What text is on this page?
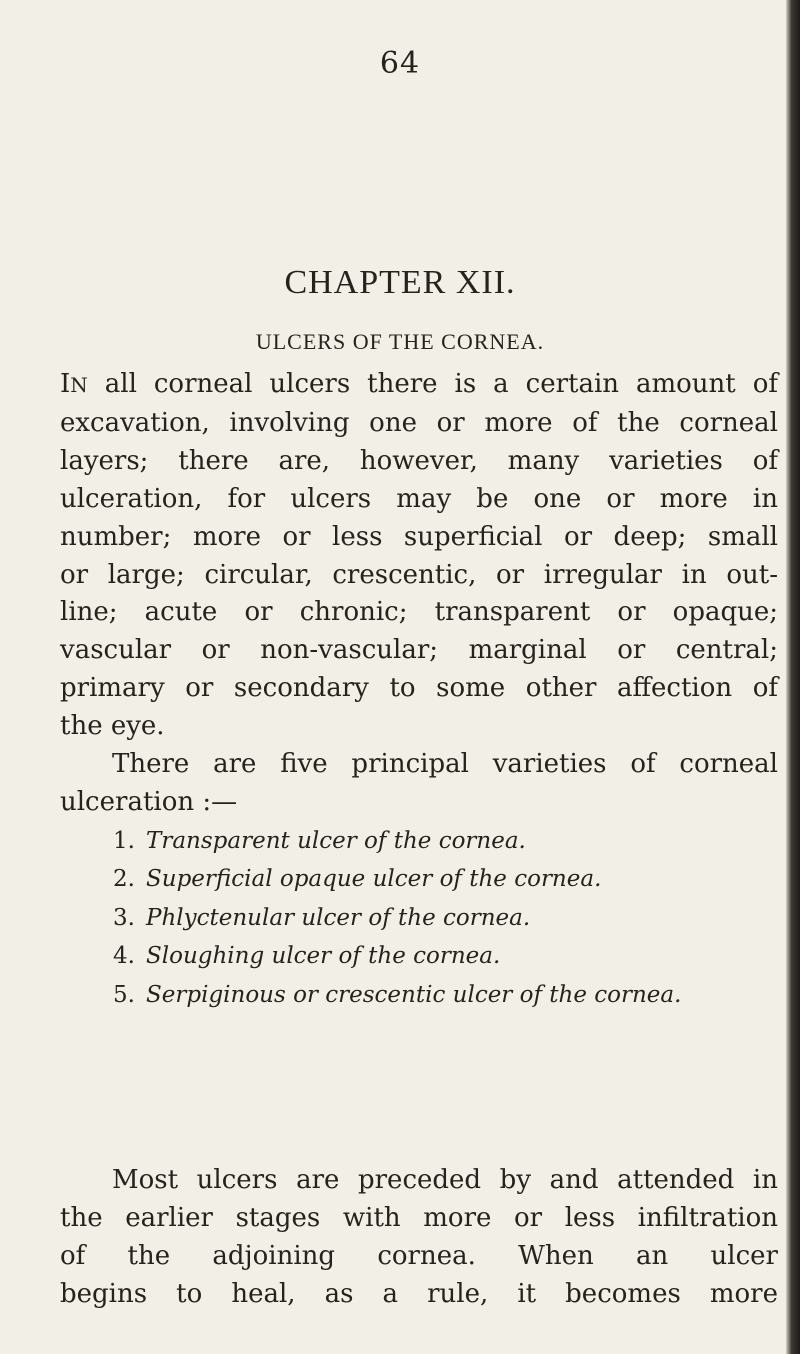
64
CHAPTER XII.
ULCERS OF THE CORNEA.
IN all corneal ulcers there is a certain amount of
excavation, involving one or more of the corneal
layers; there are, however, many varieties of
ulceration, for ulcers may be one or more in
number; more or less superficial or deep; small
or large; circular, crescentic, or irregular in out-
line; acute or chronic; transparent or opaque;
vascular or non-vascular; marginal or central;
primary or secondary to some other affection of
the eye.
There are five principal varieties of corneal
ulceration :—
1. Transparent ulcer of the cornea.
2. Superficial opaque ulcer of the cornea.
3. Phlyctenular ulcer of the cornea.
4. Sloughing ulcer of the cornea.
5. Serpiginous or crescentic ulcer of the cornea.
Most ulcers are preceded by and attended in
the earlier stages with more or less infiltration
of the adjoining cornea. When an ulcer
begins to heal, as a rule, it becomes more
